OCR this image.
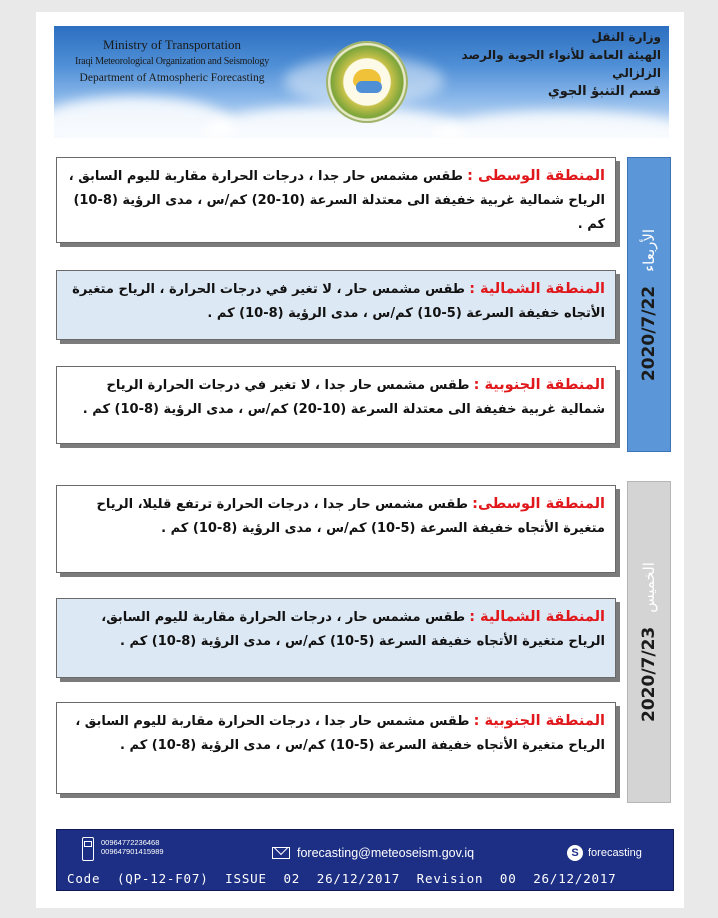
Ministry of Transportation
Iraqi Meteorological Organization and Seismology
Department of Atmospheric Forecasting
وزارة النقل
الهيئة العامة للأنواء الجوية والرصد الزلزالي
قسم التنبؤ الجوي
2020/7/22
الأربعاء
المنطقة الوسطى : طقس مشمس حار جدا ، درجات الحرارة مقاربة لليوم السابق ، الرياح شمالية غربية خفيفة الى معتدلة السرعة (10-20) كم/س ، مدى الرؤية (8-10) كم .
المنطقة الشمالية : طقس مشمس حار ، لا تغير في درجات الحرارة ، الرياح متغيرة الأتجاه خفيفة السرعة (5-10) كم/س ، مدى الرؤية (8-10) كم .
المنطقة الجنوبية : طقس مشمس حار جدا ، لا تغير في درجات الحرارة الرياح شمالية غربية خفيفة الى معتدلة السرعة (10-20) كم/س ، مدى الرؤية (8-10) كم .
2020/7/23
الخميس
المنطقة الوسطى: طقس مشمس حار جدا ، درجات الحرارة ترتفع قليلا، الرياح متغيرة الأتجاه خفيفة السرعة (5-10) كم/س ، مدى الرؤية (8-10) كم .
المنطقة الشمالية : طقس مشمس حار ، درجات الحرارة مقاربة لليوم السابق، الرياح متغيرة الأتجاه خفيفة السرعة (5-10) كم/س ، مدى الرؤية (8-10) كم .
المنطقة الجنوبية : طقس مشمس حار جدا ، درجات الحرارة مقاربة لليوم السابق ، الرياح متغيرة الأتجاه خفيفة السرعة (5-10) كم/س ، مدى الرؤية (8-10) كم .
009647722364​68
009647901415989	forecasting@meteoseism.gov.iq	S forecasting
Code  (QP-12-F07)  ISSUE  02  26/12/2017  Revision  00  26/12/2017
